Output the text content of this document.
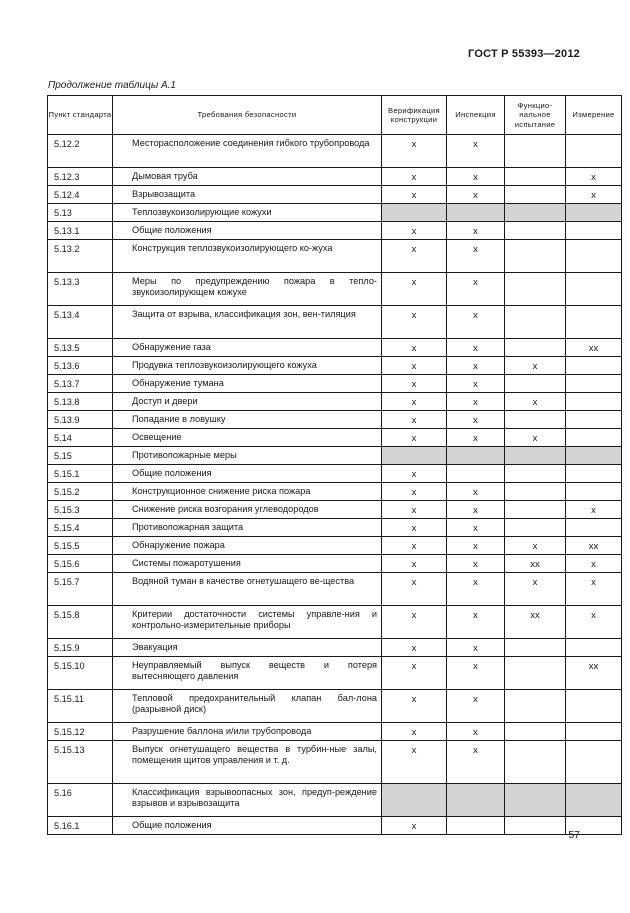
ГОСТ Р 55393—2012
Продолжение таблицы А.1
Пункт стандарта	Требования безопасности	Верификация конструкции	Инспекция	Функцио-нальное испытание	Измерение
5.12.2	Месторасположение соединения гибкого трубопровода	x	x		
5.12.3	Дымовая труба	x	x		x
5.12.4	Взрывозащита	x	x		x
5.13	Теплозвукоизолирующие кожухи				
5.13.1	Общие положения	x	x		
5.13.2	Конструкция теплозвукоизолирующего ко-жуха	x	x		
5.13.3	Меры по предупреждению пожара в тепло-звукоизолирующем кожухе	x	x		
5.13.4	Защита от взрыва, классификация зон, вен-тиляция	x	x		
5.13.5	Обнаружение газа	x	x		xx
5.13.6	Продувка теплозвукоизолирующего кожуха	x	x	x	
5.13.7	Обнаружение тумана	x	x		
5.13.8	Доступ и двери	x	x	x	
5.13.9	Попадание в ловушку	x	x		
5.14	Освещение	x	x	x	
5.15	Противопожарные меры				
5.15.1	Общие положения	x			
5.15.2	Конструкционное снижение риска пожара	x	x		
5.15.3	Снижение риска возгорания углеводородов	x	x		x
5.15.4	Противопожарная защита	x	x		
5.15.5	Обнаружение пожара	x	x	x	xx
5.15.6	Системы пожаротушения	x	x	xx	x
5.15.7	Водяной туман в качестве огнетушащего ве-щества	x	x	x	x
5.15.8	Критерии достаточности системы управле-ния и контрольно-измерительные приборы	x	x	xx	x
5.15.9	Эвакуация	x	x		
5.15.10	Неуправляемый выпуск веществ и потеря вытесняющего давления	x	x		xx
5.15.11	Тепловой предохранительный клапан бал-лона (разрывной диск)	x	x		
5.15.12	Разрушение баллона и/или трубопровода	x	x		
5.15.13	Выпуск огнетушащего вещества в турбин-ные залы, помещения щитов управления и т. д.	x	x		
5.16	Классификация взрывоопасных зон, предуп-реждение взрывов и взрывозащита				
5.16.1	Общие положения	x			
57
